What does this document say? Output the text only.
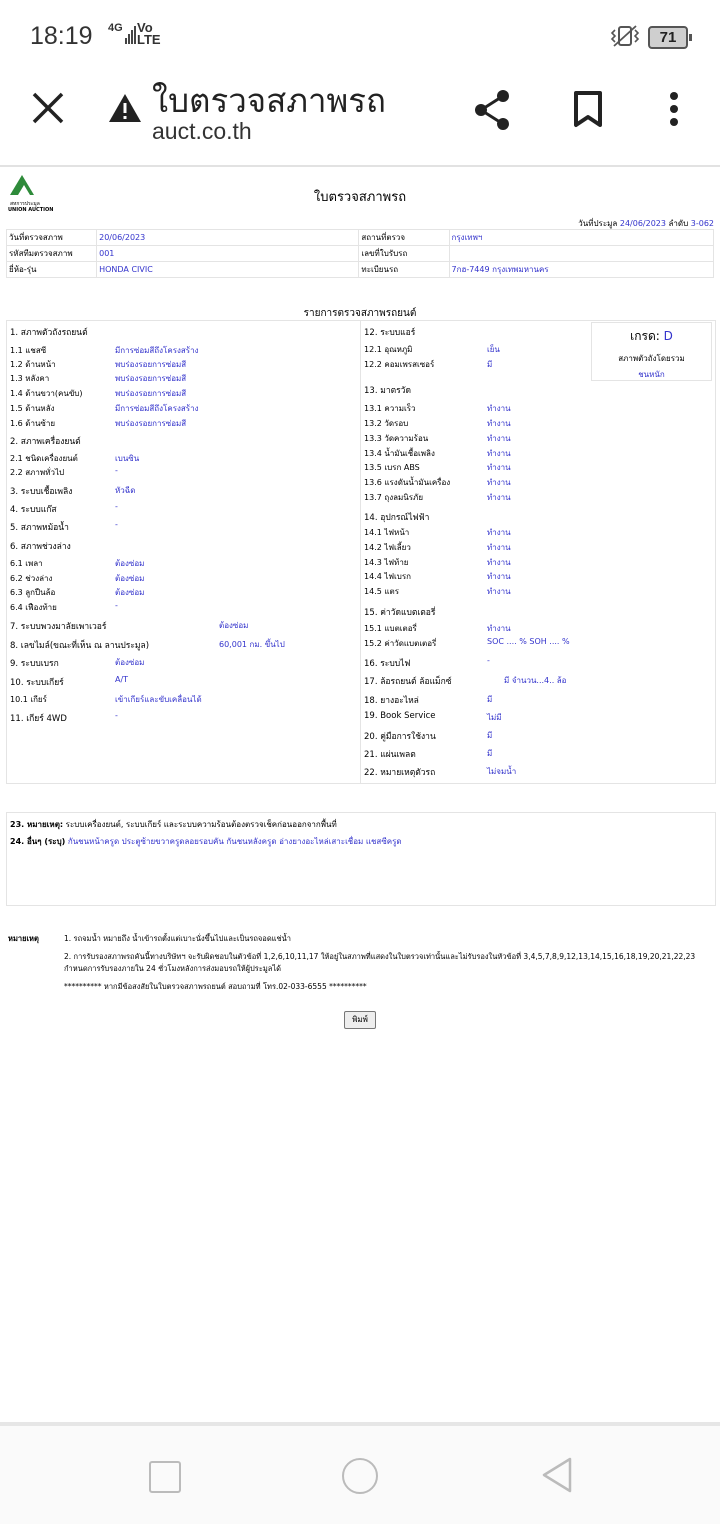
18:19 4G Vo
LTE	71
ใบตรวจสภาพรถ
auct.co.th
สหการประมูล
UNION AUCTION
ใบตรวจสภาพรถ
วันที่ประมูล 24/06/2023 ลำดับ 3-062
วันที่ตรวจสภาพ	20/06/2023	สถานที่ตรวจ	กรุงเทพฯ
รหัสทีมตรวจสภาพ	001	เลขที่ใบรับรถ	
ยี่ห้อ-รุ่น	HONDA CIVIC	ทะเบียนรถ	7กฮ-7449 กรุงเทพมหานคร
รายการตรวจสภาพรถยนต์
1. สภาพตัวถังรถยนต์
1.1 แชสซี	มีการซ่อมสีถึงโครงสร้าง
1.2 ด้านหน้า	พบร่องรอยการซ่อมสี
1.3 หลังคา	พบร่องรอยการซ่อมสี
1.4 ด้านขวา(คนขับ)	พบร่องรอยการซ่อมสี
1.5 ด้านหลัง	มีการซ่อมสีถึงโครงสร้าง
1.6 ด้านซ้าย	พบร่องรอยการซ่อมสี
2. สภาพเครื่องยนต์
2.1 ชนิดเครื่องยนต์	เบนซิน
2.2 สภาพทั่วไป	-
3. ระบบเชื้อเพลิง	หัวฉีด
4. ระบบแก๊ส	-
5. สภาพหม้อน้ำ	-
6. สภาพช่วงล่าง
6.1 เพลา	ต้องซ่อม
6.2 ช่วงล่าง	ต้องซ่อม
6.3 ลูกปืนล้อ	ต้องซ่อม
6.4 เฟืองท้าย	-
7. ระบบพวงมาลัยเพาเวอร์	ต้องซ่อม
8. เลขไมล์(ขณะที่เห็น ณ ลานประมูล)	60,001 กม. ขึ้นไป
9. ระบบเบรก	ต้องซ่อม
10. ระบบเกียร์	A/T
10.1 เกียร์	เข้าเกียร์และขับเคลื่อนได้
11. เกียร์ 4WD	-
12. ระบบแอร์
12.1 อุณหภูมิ	เย็น
12.2 คอมเพรสเซอร์	มี
13. มาตรวัด
13.1 ความเร็ว	ทำงาน
13.2 วัดรอบ	ทำงาน
13.3 วัดความร้อน	ทำงาน
13.4 น้ำมันเชื้อเพลิง	ทำงาน
13.5 เบรก ABS	ทำงาน
13.6 แรงดันน้ำมันเครื่อง	ทำงาน
13.7 ถุงลมนิรภัย	ทำงาน
14. อุปกรณ์ไฟฟ้า
14.1 ไฟหน้า	ทำงาน
14.2 ไฟเลี้ยว	ทำงาน
14.3 ไฟท้าย	ทำงาน
14.4 ไฟเบรก	ทำงาน
14.5 แตร	ทำงาน
15. ค่าวัดแบตเตอรี่
15.1 แบตเตอรี่	ทำงาน
15.2 ค่าวัดแบตเตอรี่	SOC .... % SOH .... %
16. ระบบไฟ	-
17. ล้อรถยนต์ ล้อแม็กซ์	มี จำนวน...4.. ล้อ
18. ยางอะไหล่	มี
19. Book Service	ไม่มี
20. คู่มือการใช้งาน	มี
21. แผ่นเพลต	มี
22. หมายเหตุตัวรถ	ไม่จมน้ำ
เกรด: D
สภาพตัวถังโดยรวม
ชนหนัก
23. หมายเหตุ: ระบบเครื่องยนต์, ระบบเกียร์ และระบบความร้อนต้องตรวจเช็คก่อนออกจากพื้นที่
24. อื่นๆ (ระบุ) กันชนหน้าครูด ประตูซ้ายขวาครูดลอยรอบคัน กันชนหลังครูด อ่างยางอะไหล่เสาะเชื่อม แชสซีครูด
หมายเหตุ	1. รถจมน้ำ หมายถึง น้ำเข้ารถตั้งแต่เบาะนั่งขึ้นไปและเป็นรถจอดแช่น้ำ
2. การรับรองสภาพรถคันนี้ทางบริษัทฯ จะรับผิดชอบในตัวข้อที่ 1,2,6,10,11,17 ให้อยู่ในสภาพที่แสดงในใบตรวจเท่านั้นและไม่รับรองในหัวข้อที่ 3,4,5,7,8,9,12,13,14,15,16,18,19,20,21,22,23 กำหนดการรับรองภายใน 24 ชั่วโมงหลังการส่งมอบรถให้ผู้ประมูลได้
********** หากมีข้อสงสัยในใบตรวจสภาพรถยนต์ สอบถามที่ โทร.02-033-6555 **********
พิมพ์
